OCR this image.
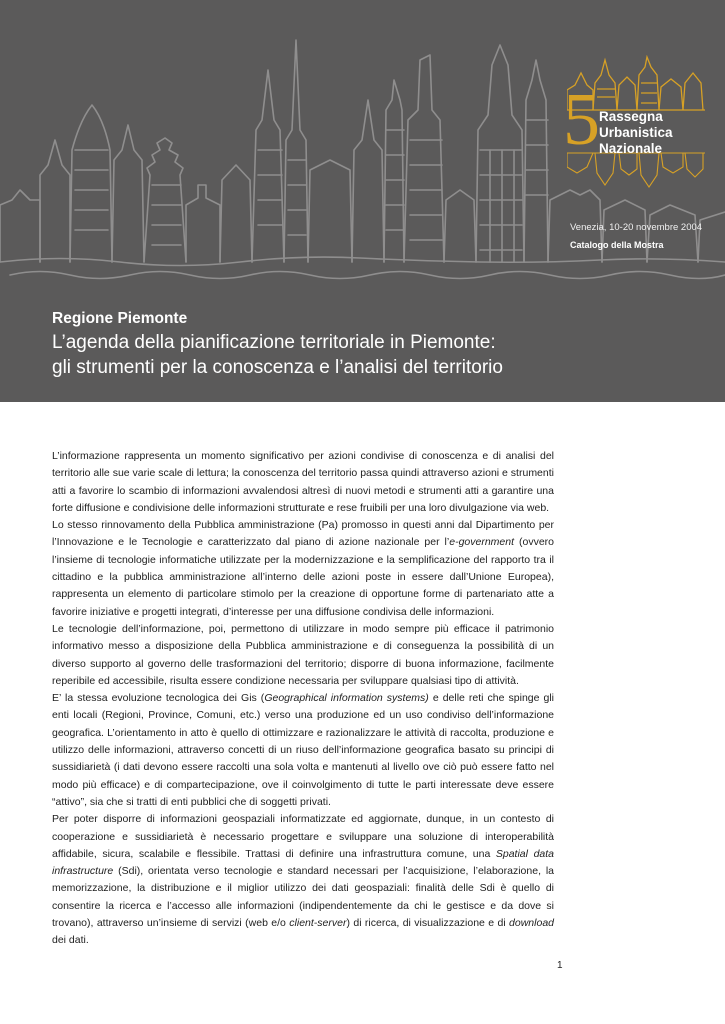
5 Rassegna
Urbanistica
Nazionale
Venezia, 10-20 novembre 2004
Catalogo della Mostra
Regione Piemonte
L’agenda della pianificazione territoriale in Piemonte:
gli strumenti per la conoscenza e l’analisi del territorio

L’informazione rappresenta un momento significativo per azioni condivise di conoscenza e di analisi del territorio alle sue varie scale di lettura; la conoscenza del territorio passa quindi attraverso azioni e strumenti atti a favorire lo scambio di informazioni avvalendosi altresì di nuovi metodi e strumenti atti a garantire una forte diffusione e condivisione delle informazioni strutturate e rese fruibili per una loro divulgazione via web.

Lo stesso rinnovamento della Pubblica amministrazione (Pa) promosso in questi anni dal Dipartimento per l’Innovazione e le Tecnologie e caratterizzato dal piano di azione nazionale per l’e-government (ovvero l’insieme di tecnologie informatiche utilizzate per la modernizzazione e la semplificazione del rapporto tra il cittadino e la pubblica amministrazione all’interno delle azioni poste in essere dall’Unione Europea), rappresenta un elemento di particolare stimolo per la creazione di opportune forme di partenariato atte a favorire iniziative e progetti integrati, d’interesse per una diffusione condivisa delle informazioni.

Le tecnologie dell’informazione, poi, permettono di utilizzare in modo sempre più efficace il patrimonio informativo messo a disposizione della Pubblica amministrazione e di conseguenza la possibilità di un diverso supporto al governo delle trasformazioni del territorio; disporre di buona informazione, facilmente reperibile ed accessibile, risulta essere condizione necessaria per sviluppare qualsiasi tipo di attività.

E’ la stessa evoluzione tecnologica dei Gis (Geographical information systems) e delle reti che spinge gli enti locali (Regioni, Province, Comuni, etc.) verso una produzione ed un uso condiviso dell’informazione geografica. L’orientamento in atto è quello di ottimizzare e razionalizzare le attività di raccolta, produzione e utilizzo delle informazioni, attraverso concetti di un riuso dell’informazione geografica basato su principi di sussidiarietà (i dati devono essere raccolti una sola volta e mantenuti al livello ove ciò può essere fatto nel modo più efficace) e di compartecipazione, ove il coinvolgimento di tutte le parti interessate deve essere “attivo”, sia che si tratti di enti pubblici che di soggetti privati.

Per poter disporre di informazioni geospaziali informatizzate ed aggiornate, dunque, in un contesto di cooperazione e sussidiarietà è necessario progettare e sviluppare una soluzione di interoperabilità affidabile, sicura, scalabile e flessibile. Trattasi di definire una infrastruttura comune, una Spatial data infrastructure (Sdi), orientata verso tecnologie e standard necessari per l’acquisizione, l’elaborazione, la memorizzazione, la distribuzione e il miglior utilizzo dei dati geospaziali: finalità delle Sdi è quello di consentire la ricerca e l’accesso alle informazioni (indipendentemente da chi le gestisce e da dove si trovano), attraverso un’insieme di servizi (web e/o client-server) di ricerca, di visualizzazione e di download dei dati.

1
